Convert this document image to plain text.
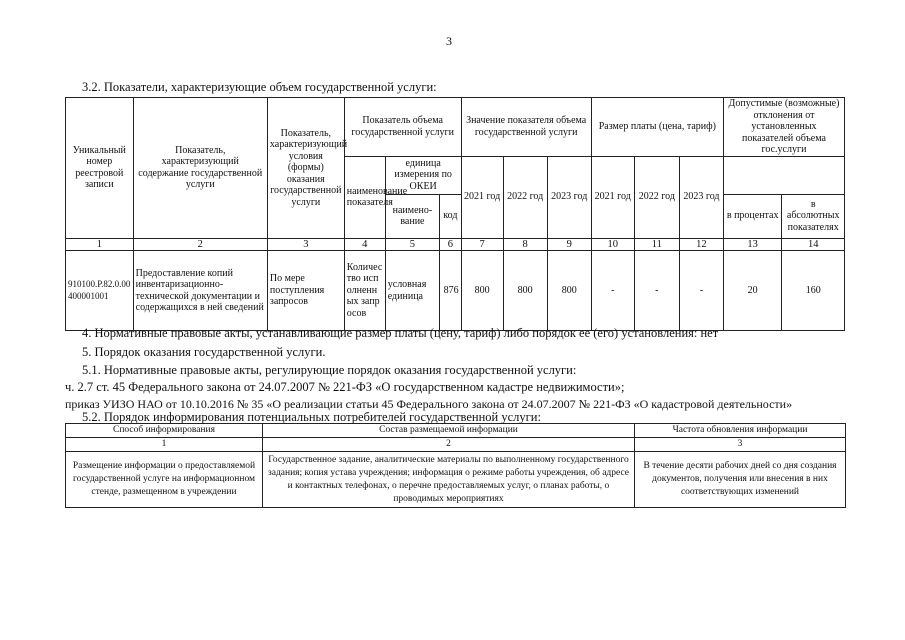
3
3.2. Показатели, характеризующие объем государственной услуги:
Уникальный номер реестровой записи	Показатель, характеризующий содержание государственной услуги	Показатель, характеризующий условия (формы) оказания государственной услуги	Показатель объема государственной услуги			Значение показателя объема государственной услуги			Размер платы (цена, тариф)			Допустимые (возможные) отклонения от установленных показателей объема гос.услуги	
			наименование показателя	единица измерения по ОКЕИ		2021 год	2022 год	2023 год	2021 год	2022 год	2023 год		
				наимено-вание	код							в процентах	в абсолютных показателях
1	2	3	4	5	6	7	8	9	10	11	12	13	14
910100.Р.82.0.00400001001	Предоставление копий инвентаризационно-технической документации и содержащихся в ней сведений	По мере поступления запросов	Количество исполненных запросов	условная единица	876	800	800	800	-	-	-	20	160
4. Нормативные правовые акты, устанавливающие размер платы (цену, тариф) либо порядок ее (его) установления: нет
5. Порядок оказания государственной услуги.
5.1. Нормативные правовые акты, регулирующие порядок оказания государственной услуги:
ч. 2.7 ст. 45 Федерального закона от 24.07.2007 № 221-ФЗ «О государственном кадастре недвижимости»;
приказ УИЗО НАО от 10.10.2016 № 35 «О реализации статьи 45 Федерального закона от 24.07.2007 № 221-ФЗ «О кадастровой деятельности»
5.2. Порядок информирования потенциальных потребителей государственной услуги:
Способ информирования	Состав размещаемой информации	Частота обновления информации
1	2	3
Размещение информации о предоставляемой государственной услуге на информационном стенде, размещенном в учреждении	Государственное задание, аналитические материалы по выполненному государственного задания; копия устава учреждения; информация о режиме работы учреждения, об адресе и контактных телефонах, о перечне предоставляемых услуг, о планах работы, о проводимых мероприятиях	В течение десяти рабочих дней со дня создания документов, получения или внесения в них соответствующих изменений
